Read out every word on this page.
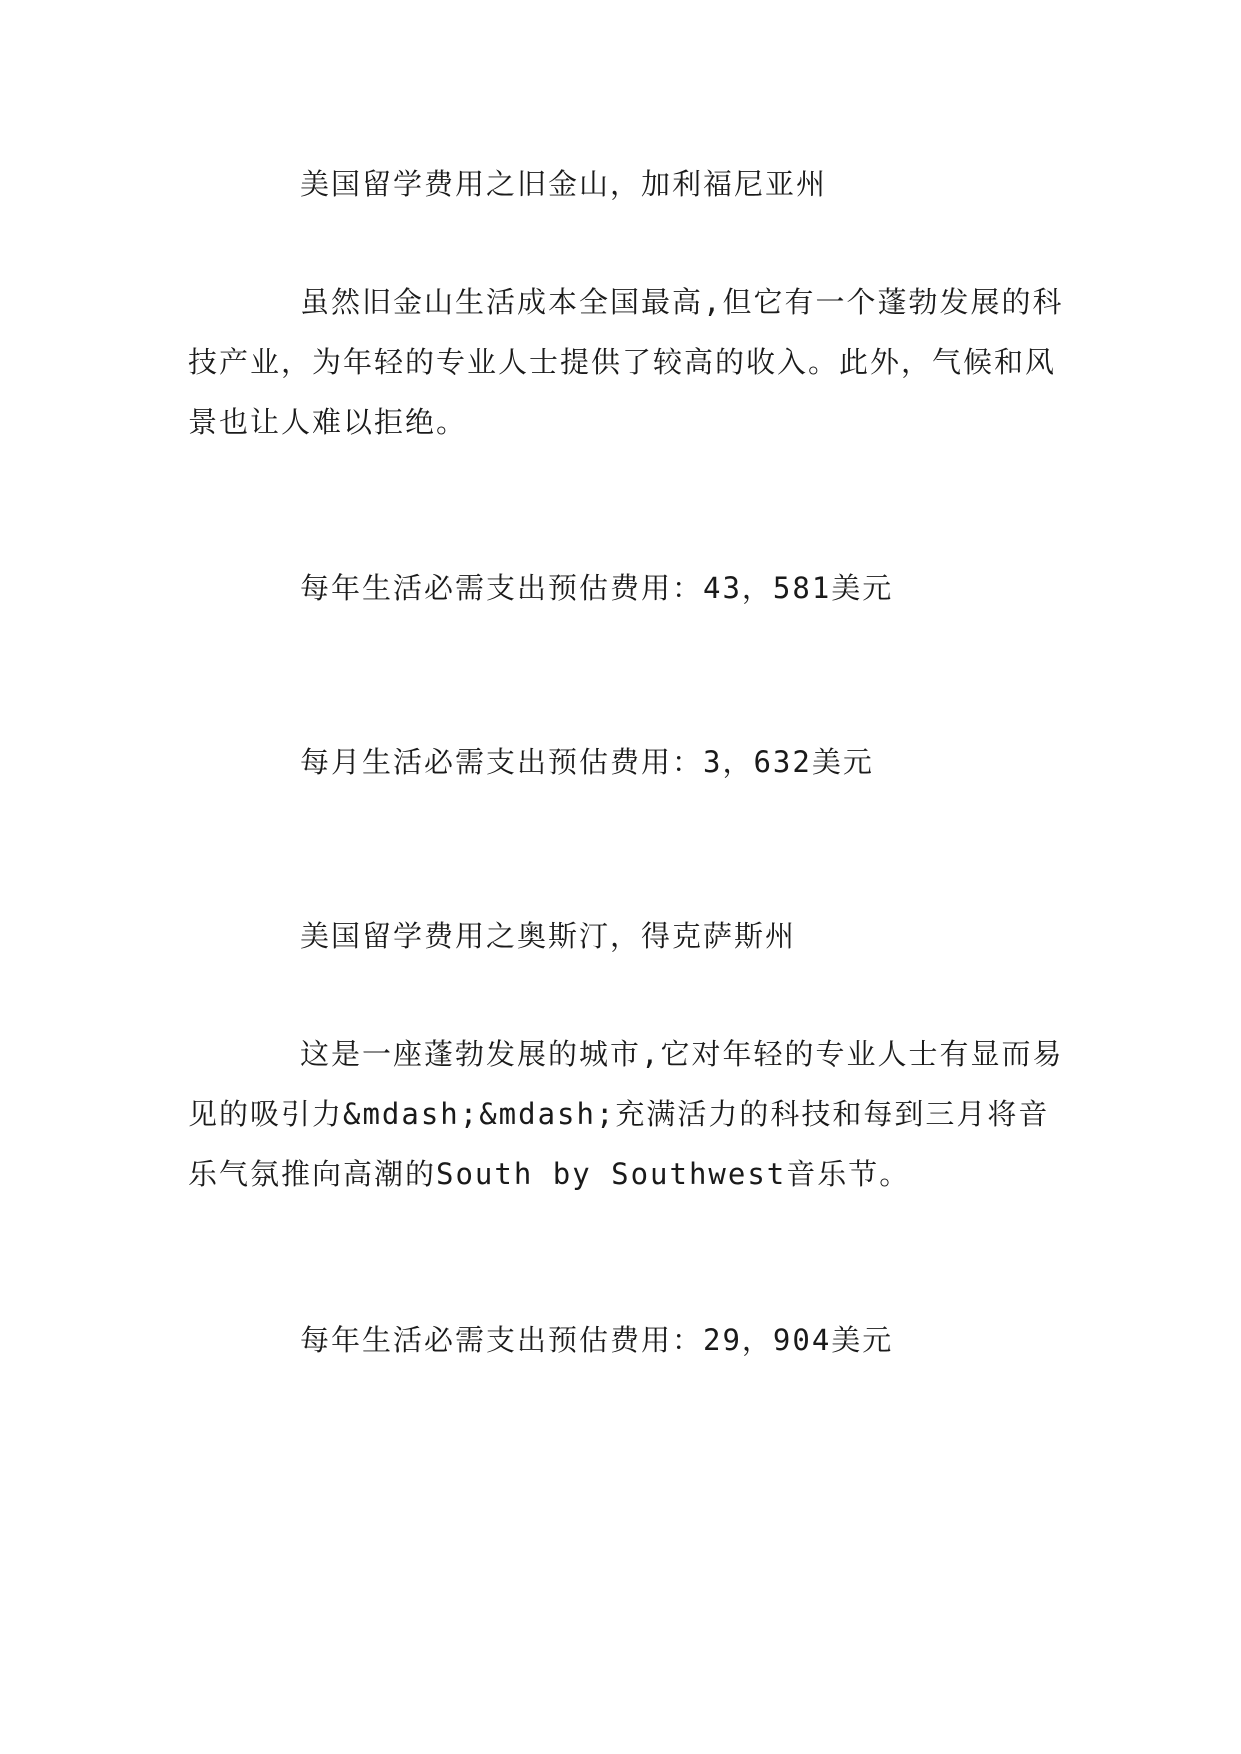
美国留学费用之旧金山，加利福尼亚州
虽然旧金山生活成本全国最高,但它有一个蓬勃发展的科技产业，为年轻的专业人士提供了较高的收入。此外，气候和风景也让人难以拒绝。
每年生活必需支出预估费用：43，581美元
每月生活必需支出预估费用：3，632美元
美国留学费用之奥斯汀，得克萨斯州
这是一座蓬勃发展的城市,它对年轻的专业人士有显而易见的吸引力&mdash;&mdash;充满活力的科技和每到三月将音乐气氛推向高潮的South by Southwest音乐节。
每年生活必需支出预估费用：29，904美元
